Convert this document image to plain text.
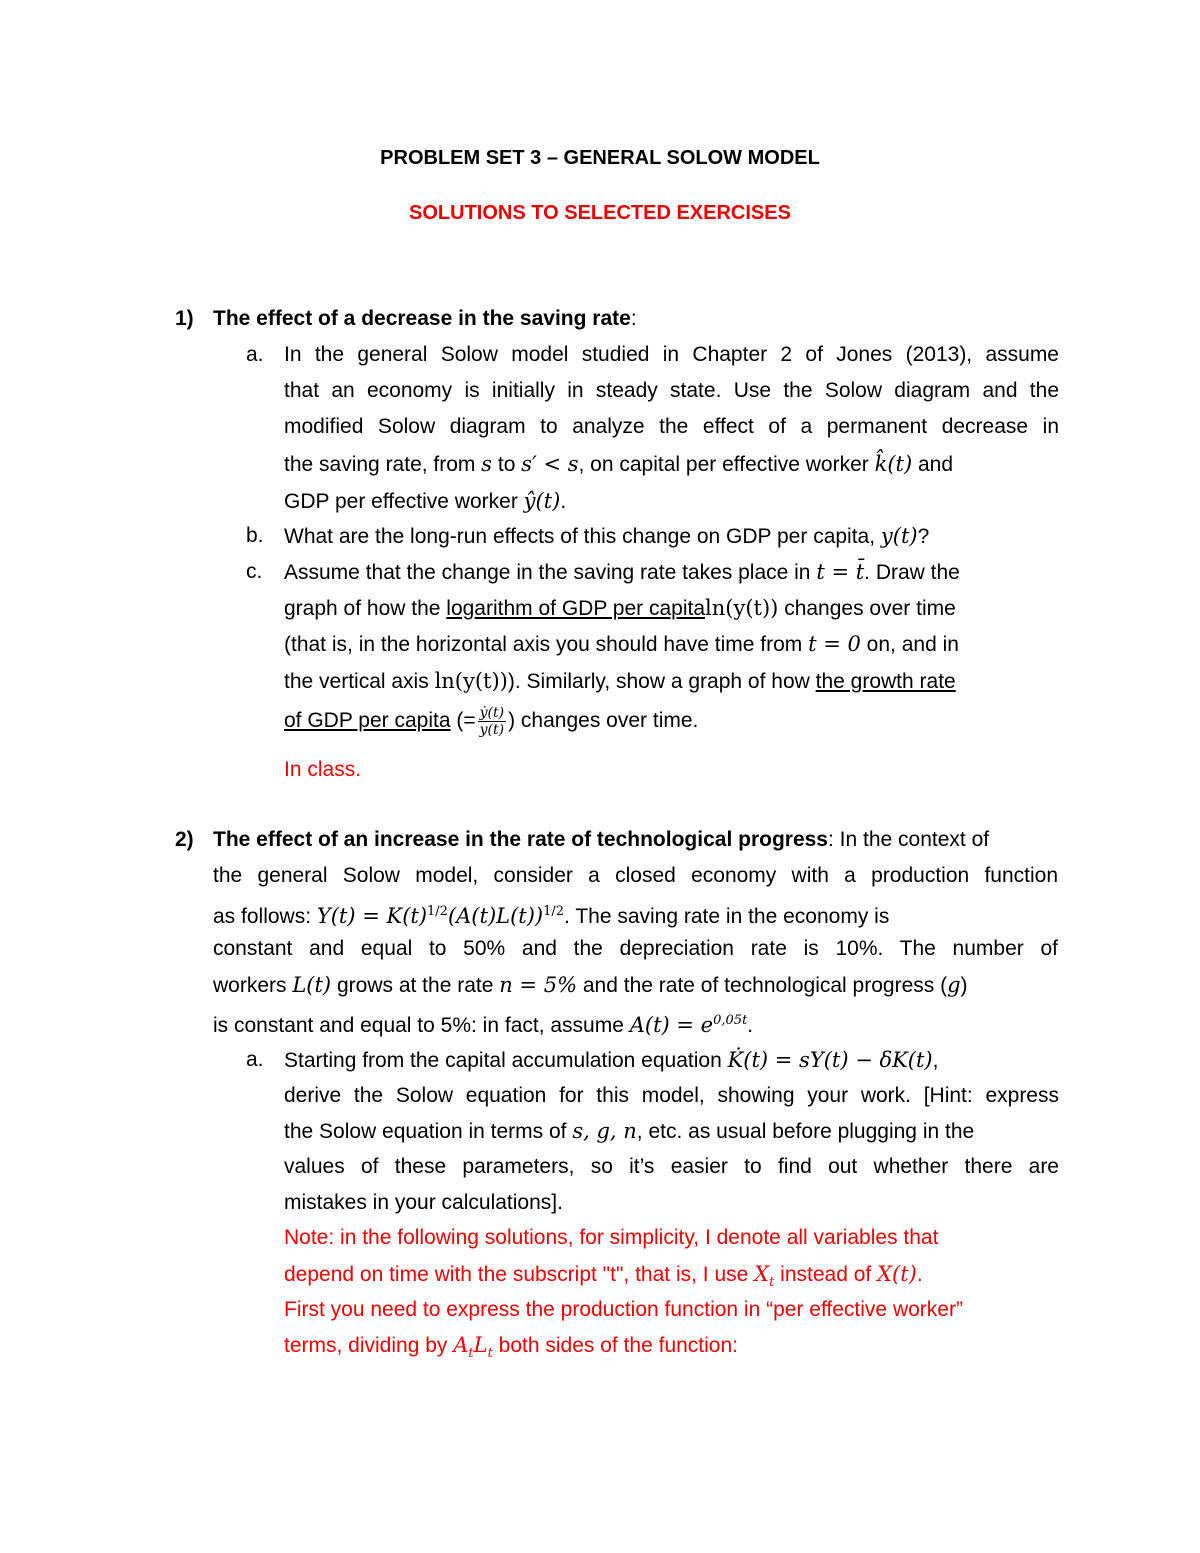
PROBLEM SET 3 – GENERAL SOLOW MODEL
SOLUTIONS TO SELECTED EXERCISES
1) The effect of a decrease in the saving rate:
a. In the general Solow model studied in Chapter 2 of Jones (2013), assume
that an economy is initially in steady state. Use the Solow diagram and the
modified Solow diagram to analyze the effect of a permanent decrease in
the saving rate, from s to s′ < s, on capital per effective worker k̂(t) and
GDP per effective worker ŷ(t).
b. What are the long-run effects of this change on GDP per capita, y(t)?
c. Assume that the change in the saving rate takes place in t = t̄. Draw the
graph of how the logarithm of GDP per capitaln(y(t)) changes over time
(that is, in the horizontal axis you should have time from t = 0 on, and in
the vertical axis ln(y(t))). Similarly, show a graph of how the growth rate
of GDP per capita (= $\frac{\text{ẏ(t)}}{y(t)}$ ) changes over time.
In class.
2) The effect of an increase in the rate of technological progress: In the context of
the general Solow model, consider a closed economy with a production function
as follows: $Y(t) = K(t)^{1/2}(A(t)L(t))^{1/2}$. The saving rate in the economy is
constant and equal to 50% and the depreciation rate is 10%. The number of
workers L(t) grows at the rate n = 5% and the rate of technological progress (g)
is constant and equal to 5%: in fact, assume $A(t) = e^{0,05t}$.
a. Starting from the capital accumulation equation K̇(t) = sY(t) − δK(t),
derive the Solow equation for this model, showing your work. [Hint: express
the Solow equation in terms of s, g, n, etc. as usual before plugging in the
values of these parameters, so it’s easier to find out whether there are
mistakes in your calculations].
Note: in the following solutions, for simplicity, I denote all variables that
depend on time with the subscript "t", that is, I use $X_t$ instead of X(t).
First you need to express the production function in “per effective worker”
terms, dividing by $A_tL_t$ both sides of the function:
